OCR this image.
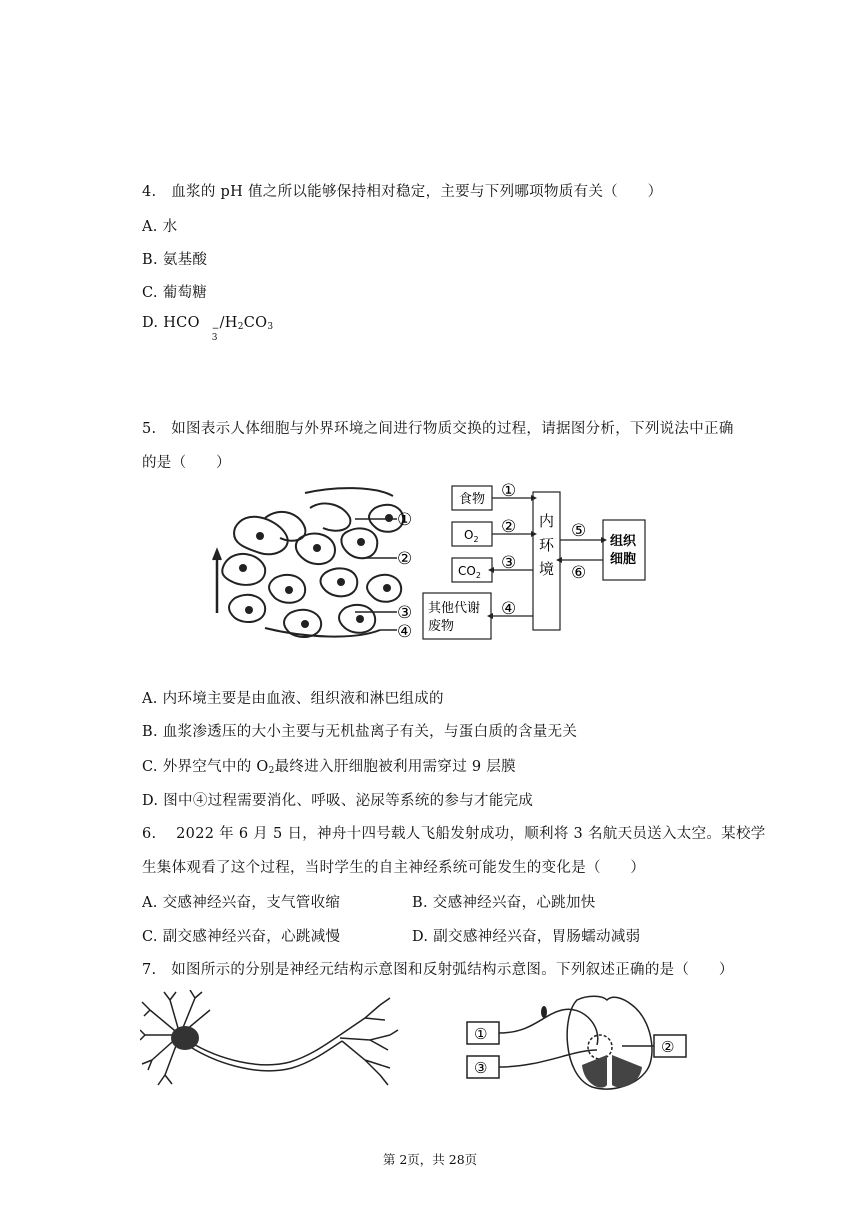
4.　血浆的 pH 值之所以能够保持相对稳定，主要与下列哪项物质有关（　　）
A. 水
B. 氨基酸
C. 葡萄糖
D. HCO −
3
$/H_2CO_3$
5.　如图表示人体细胞与外界环境之间进行物质交换的过程，请据图分析，下列说法中正确
的是（　　）
①
②
③
④
食物
$O_2$
$CO_2$
其他代谢
废物
内
环
境
组织
细胞
①
②
③
④
⑤
⑥
A. 内环境主要是由血液、组织液和淋巴组成的
B. 血浆渗透压的大小主要与无机盐离子有关，与蛋白质的含量无关
C. 外界空气中的 $O_2$最终进入肝细胞被利用需穿过 9 层膜
D. 图中④过程需要消化、呼吸、泌尿等系统的参与才能完成
6.　 2022 年 6 月 5 日，神舟十四号载人飞船发射成功，顺利将 3 名航天员送入太空。某校学
生集体观看了这个过程，当时学生的自主神经系统可能发生的变化是（　　）
A. 交感神经兴奋，支气管收缩	B. 交感神经兴奋，心跳加快
C. 副交感神经兴奋，心跳减慢	D. 副交感神经兴奋，胃肠蠕动减弱
7.　如图所示的分别是神经元结构示意图和反射弧结构示意图。下列叙述正确的是（　　）
①
③
②
第 2页，共 28页
